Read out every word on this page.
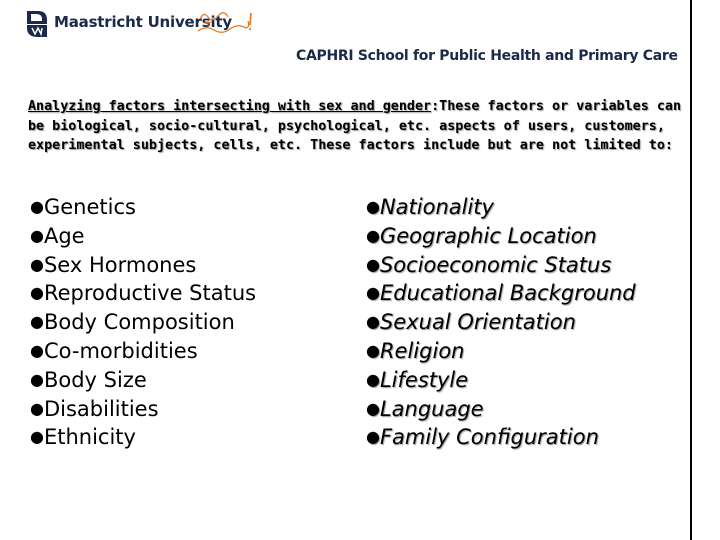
Maastricht University
CAPHRI School for Public Health and Primary Care
Analyzing factors intersecting with sex and gender:These factors or variables can be biological, socio-cultural, psychological, etc. aspects of users, customers, experimental subjects, cells, etc. These factors include but are not limited to:
●Genetics
●Age
●Sex Hormones
●Reproductive Status
●Body Composition
●Co-morbidities
●Body Size
●Disabilities
●Ethnicity
●Nationality
●Geographic Location
●Socioeconomic Status
●Educational Background
●Sexual Orientation
●Religion
●Lifestyle
●Language
●Family Configuration
